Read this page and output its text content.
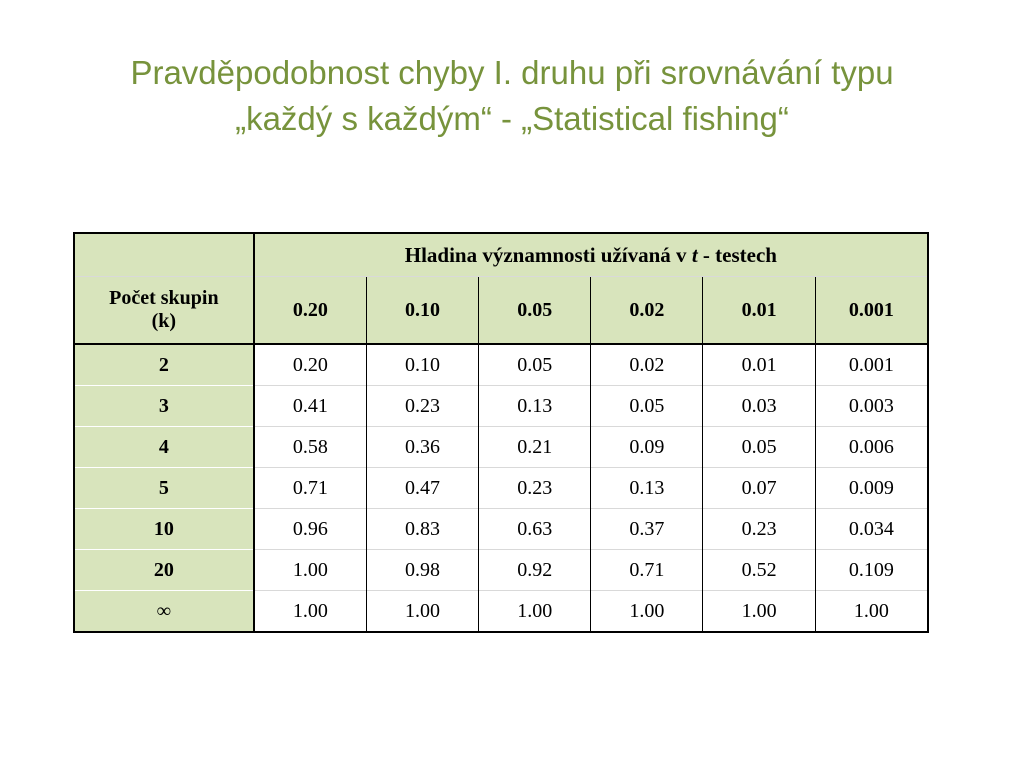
Pravděpodobnost chyby I. druhu při srovnávání typu
„každý s každým“ - „Statistical fishing“
	Hladina významnosti užívaná v t - testech					

Počet skupin
(k)	0.20	0.10	0.05	0.02	0.01	0.001
2	0.20	0.10	0.05	0.02	0.01	0.001
3	0.41	0.23	0.13	0.05	0.03	0.003
4	0.58	0.36	0.21	0.09	0.05	0.006
5	0.71	0.47	0.23	0.13	0.07	0.009
10	0.96	0.83	0.63	0.37	0.23	0.034
20	1.00	0.98	0.92	0.71	0.52	0.109
∞	1.00	1.00	1.00	1.00	1.00	1.00
